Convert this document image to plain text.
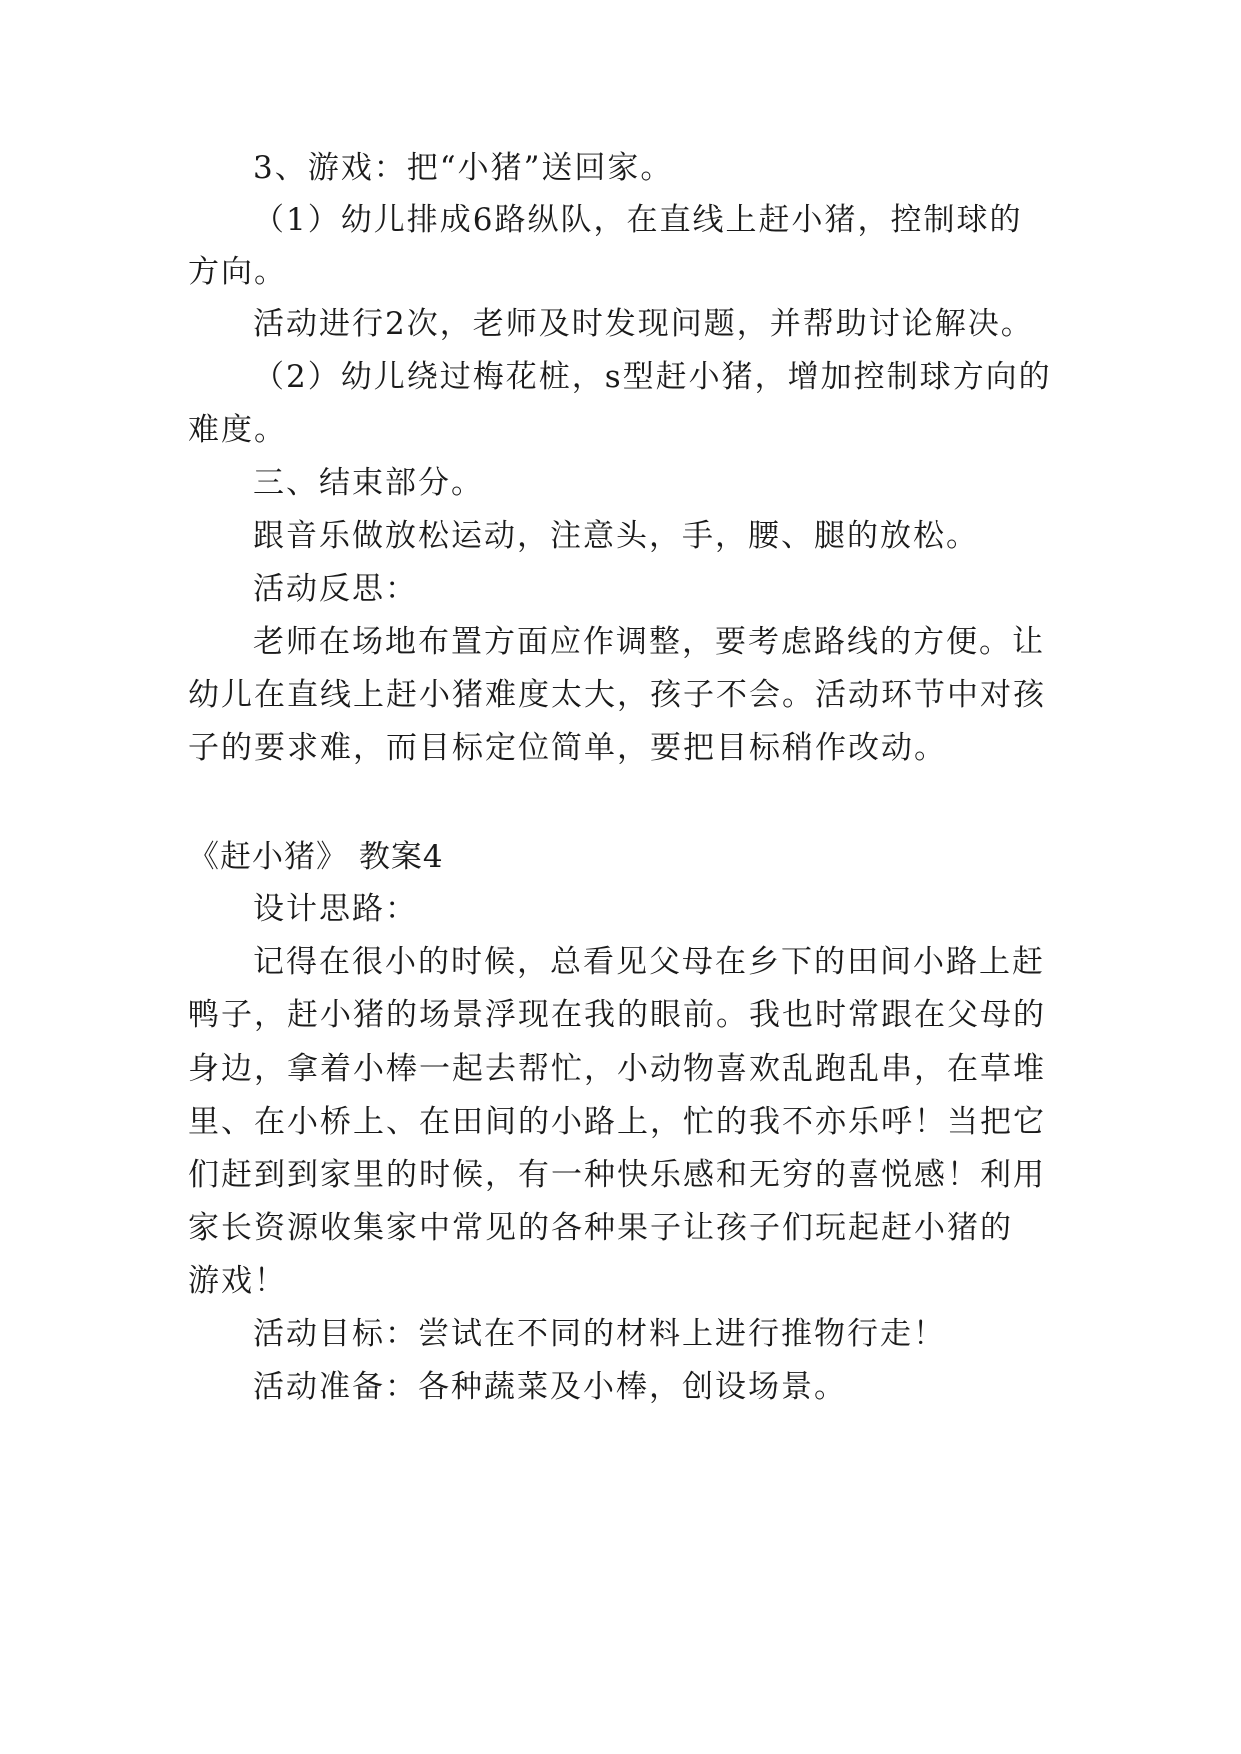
3、游戏：把“小猪”送回家。
（1）幼儿排成6路纵队，在直线上赶小猪，控制球的
方向。
活动进行2次，老师及时发现问题，并帮助讨论解决。
（2）幼儿绕过梅花桩，s型赶小猪，增加控制球方向的
难度。
三、结束部分。
跟音乐做放松运动，注意头，手，腰、腿的放松。
活动反思：
老师在场地布置方面应作调整，要考虑路线的方便。让
幼儿在直线上赶小猪难度太大，孩子不会。活动环节中对孩
子的要求难，而目标定位简单，要把目标稍作改动。
《赶小猪》 教案4
设计思路：
记得在很小的时候，总看见父母在乡下的田间小路上赶
鸭子，赶小猪的场景浮现在我的眼前。我也时常跟在父母的
身边，拿着小棒一起去帮忙，小动物喜欢乱跑乱串，在草堆
里、在小桥上、在田间的小路上，忙的我不亦乐呼！当把它
们赶到到家里的时候，有一种快乐感和无穷的喜悦感！利用
家长资源收集家中常见的各种果子让孩子们玩起赶小猪的
游戏！
活动目标：尝试在不同的材料上进行推物行走！
活动准备：各种蔬菜及小棒，创设场景。
